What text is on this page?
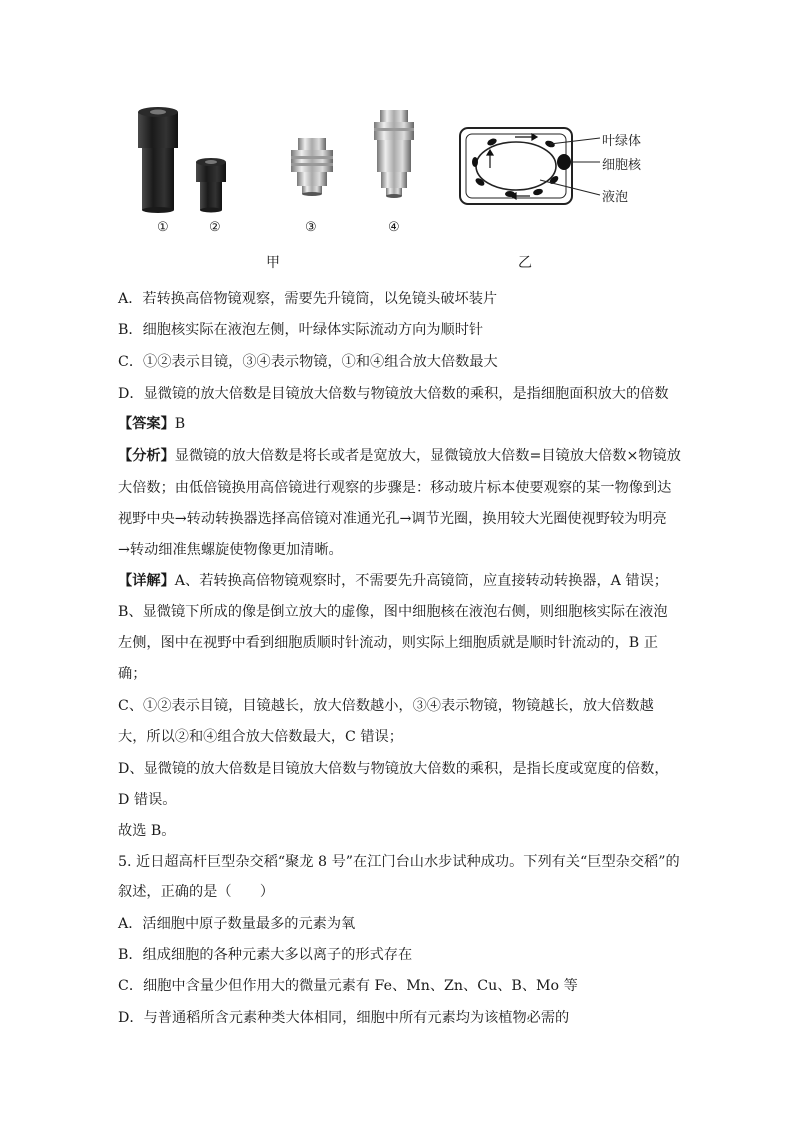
①	②	③	④
甲	乙
叶绿体
细胞核
液泡
A．若转换高倍物镜观察，需要先升镜筒，以免镜头破坏装片
B．细胞核实际在液泡左侧，叶绿体实际流动方向为顺时针
C．①②表示目镜，③④表示物镜，①和④组合放大倍数最大
D．显微镜的放大倍数是目镜放大倍数与物镜放大倍数的乘积，是指细胞面积放大的倍数
【答案】B
【分析】显微镜的放大倍数是将长或者是宽放大，显微镜放大倍数=目镜放大倍数×物镜放
大倍数；由低倍镜换用高倍镜进行观察的步骤是：移动玻片标本使要观察的某一物像到达
视野中央→转动转换器选择高倍镜对准通光孔→调节光圈，换用较大光圈使视野较为明亮
→转动细准焦螺旋使物像更加清晰。
【详解】A、若转换高倍物镜观察时，不需要先升高镜筒，应直接转动转换器，A 错误；
B、显微镜下所成的像是倒立放大的虚像，图中细胞核在液泡右侧，则细胞核实际在液泡
左侧，图中在视野中看到细胞质顺时针流动，则实际上细胞质就是顺时针流动的，B 正
确；
C、①②表示目镜，目镜越长，放大倍数越小，③④表示物镜，物镜越长，放大倍数越
大，所以②和④组合放大倍数最大，C 错误；
D、显微镜的放大倍数是目镜放大倍数与物镜放大倍数的乘积，是指长度或宽度的倍数，
D 错误。
故选 B。
5. 近日超高杆巨型杂交稻“聚龙 8 号”在江门台山水步试种成功。下列有关“巨型杂交稻”的
叙述，正确的是（　　）
A．活细胞中原子数量最多的元素为氧
B．组成细胞的各种元素大多以离子的形式存在
C．细胞中含量少但作用大的微量元素有 Fe、Mn、Zn、Cu、B、Mo 等
D．与普通稻所含元素种类大体相同，细胞中所有元素均为该植物必需的
